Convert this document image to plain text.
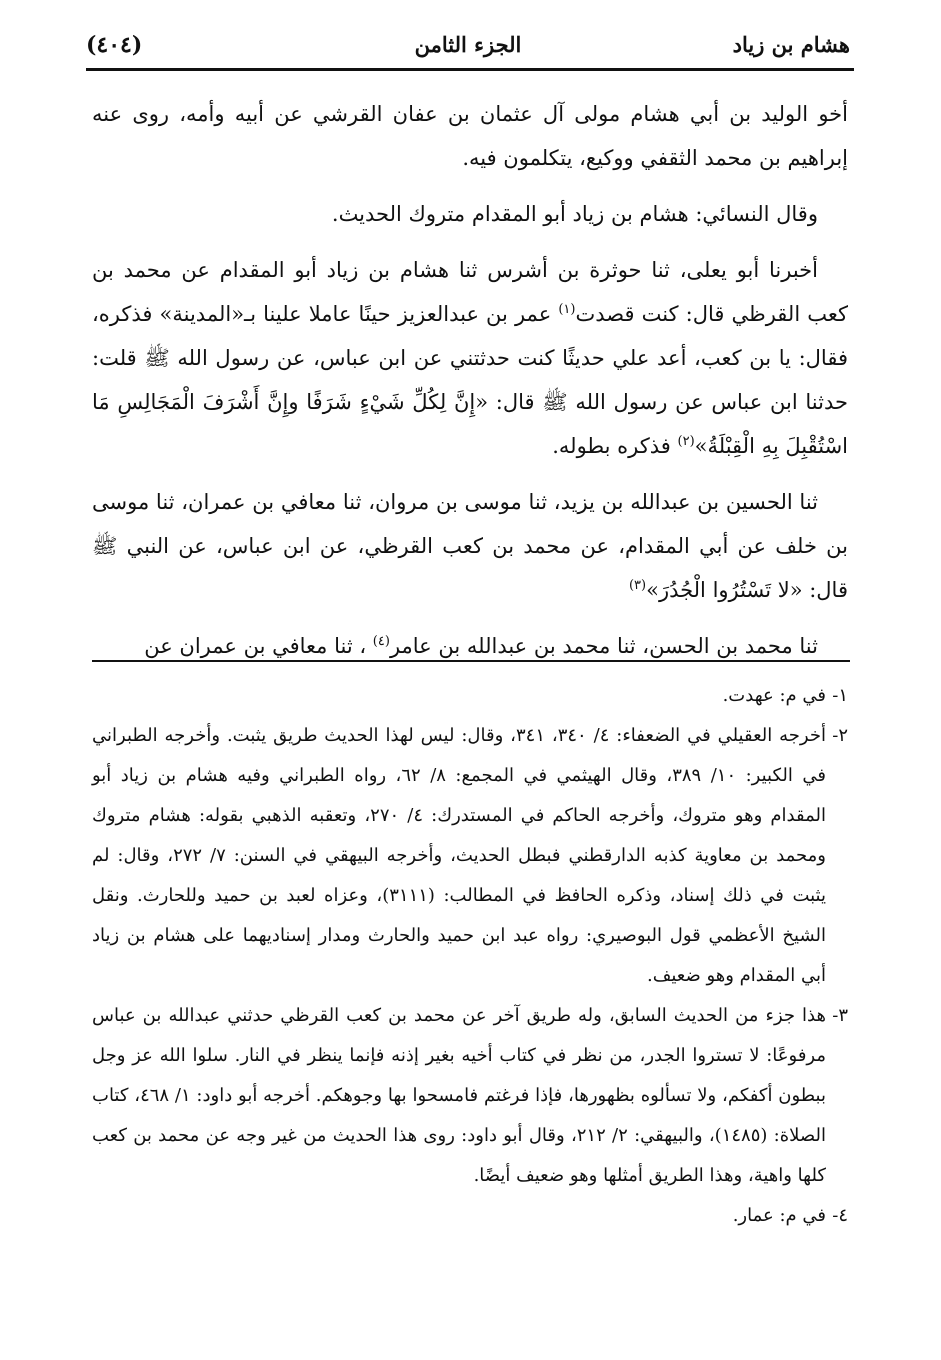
(٤٠٤)	الجزء الثامن	هشام بن زياد

أخو الوليد بن أبي هشام مولى آل عثمان بن عفان القرشي عن أبيه وأمه، روى عنه إبراهيم بن محمد الثقفي ووكيع، يتكلمون فيه.

وقال النسائي: هشام بن زياد أبو المقدام متروك الحديث.

أخبرنا أبو يعلى، ثنا حوثرة بن أشرس ثنا هشام بن زياد أبو المقدام عن محمد بن كعب القرظي قال: كنت قصدت$^{(١)}$ عمر بن عبدالعزيز حينًا عاملا علينا بـ«المدينة» فذكره، فقال: يا بن كعب، أعد علي حديثًا كنت حدثتني عن ابن عباس، عن رسول الله ﷺ قلت: حدثنا ابن عباس عن رسول الله ﷺ قال: «إِنَّ لِكُلِّ شَيْءٍ شَرَفًا وإِنَّ أَشْرَفَ الْمَجَالِسِ مَا اسْتُقْبِلَ بِهِ الْقِبْلَةُ»$^{(٢)}$ فذكره بطوله.

ثنا الحسين بن عبدالله بن يزيد، ثنا موسى بن مروان، ثنا معافي بن عمران، ثنا موسى بن خلف عن أبي المقدام، عن محمد بن كعب القرظي، عن ابن عباس، عن النبي ﷺ قال: «لا تَسْتُرُوا الْجُدُرَ»$^{(٣)}$

ثنا محمد بن الحسن، ثنا محمد بن عبدالله بن عامر$^{(٤)}$ ، ثنا معافي بن عمران عن

١-
في م: عهدت.
٢-
أخرجه العقيلي في الضعفاء: ٤/ ٣٤٠، ٣٤١، وقال: ليس لهذا الحديث طريق يثبت. وأخرجه الطبراني في الكبير: ١٠/ ٣٨٩، وقال الهيثمي في المجمع: ٨/ ٦٢، رواه الطبراني وفيه هشام بن زياد أبو المقدام وهو متروك، وأخرجه الحاكم في المستدرك: ٤/ ٢٧٠، وتعقبه الذهبي بقوله: هشام متروك ومحمد بن معاوية كذبه الدارقطني فبطل الحديث، وأخرجه البيهقي في السنن: ٧/ ٢٧٢، وقال: لم يثبت في ذلك إسناد، وذكره الحافظ في المطالب: (٣١١١)، وعزاه لعبد بن حميد وللحارث. ونقل الشيخ الأعظمي قول البوصيري: رواه عبد ابن حميد والحارث ومدار إسناديهما على هشام بن زياد أبي المقدام وهو ضعيف.
٣-
هذا جزء من الحديث السابق، وله طريق آخر عن محمد بن كعب القرظي حدثني عبدالله بن عباس مرفوعًا: لا تستروا الجدر، من نظر في كتاب أخيه بغير إذنه فإنما ينظر في النار. سلوا الله عز وجل ببطون أكفكم، ولا تسألوه بظهورها، فإذا فرغتم فامسحوا بها وجوهكم. أخرجه أبو داود: ١/ ٤٦٨، كتاب الصلاة: (١٤٨٥)، والبيهقي: ٢/ ٢١٢، وقال أبو داود: روى هذا الحديث من غير وجه عن محمد بن كعب كلها واهية، وهذا الطريق أمثلها وهو ضعيف أيضًا.
٤-
في م: عمار.
